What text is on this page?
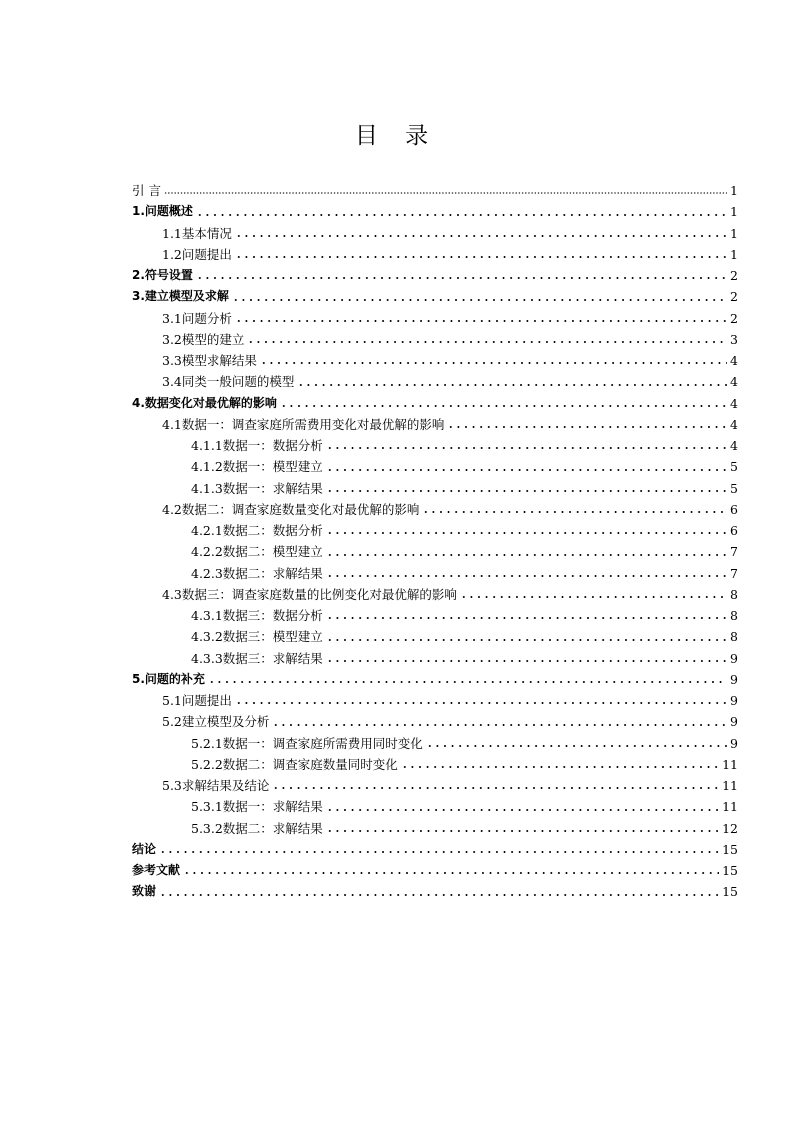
目 录
引 言	1
1.问题概述	1
1.1基本情况	1
1.2问题提出	1
2.符号设置	2
3.建立模型及求解	2
3.1问题分析	2
3.2模型的建立	3
3.3模型求解结果	4
3.4同类一般问题的模型	4
4.数据变化对最优解的影响	4
4.1数据一：调查家庭所需费用变化对最优解的影响	4
4.1.1数据一：数据分析	4
4.1.2数据一：模型建立	5
4.1.3数据一：求解结果	5
4.2数据二：调查家庭数量变化对最优解的影响	6
4.2.1数据二：数据分析	6
4.2.2数据二：模型建立	7
4.2.3数据二：求解结果	7
4.3数据三：调查家庭数量的比例变化对最优解的影响	8
4.3.1数据三：数据分析	8
4.3.2数据三：模型建立	8
4.3.3数据三：求解结果	9
5.问题的补充	9
5.1问题提出	9
5.2建立模型及分析	9
5.2.1数据一：调查家庭所需费用同时变化	9
5.2.2数据二：调查家庭数量同时变化	11
5.3求解结果及结论	11
5.3.1数据一：求解结果	11
5.3.2数据二：求解结果	12
结论	15
参考文献	15
致谢	15
